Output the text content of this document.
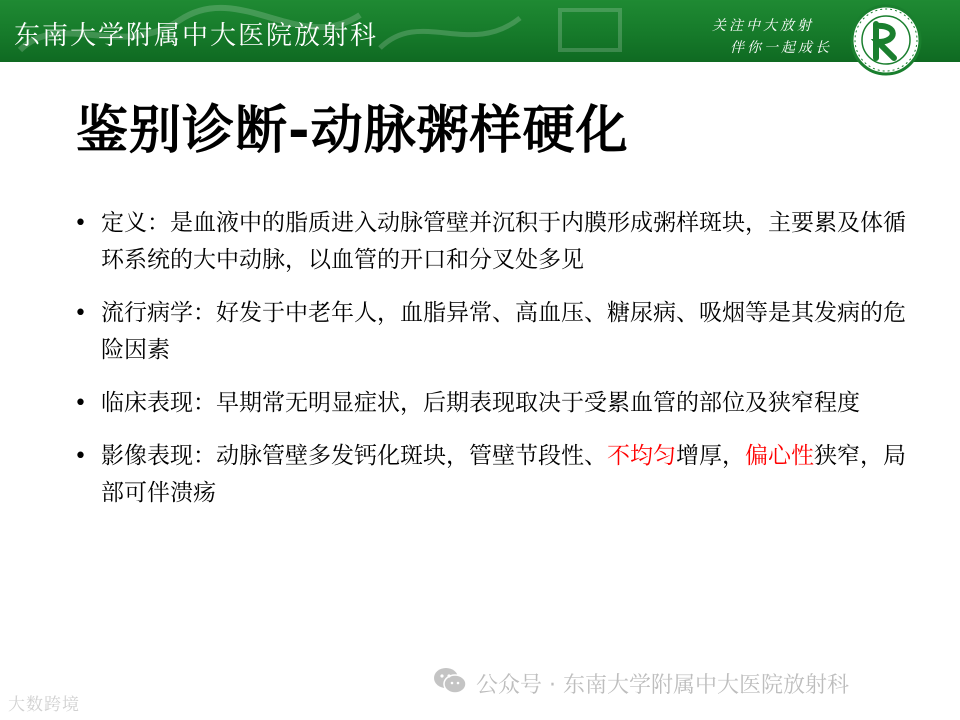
东南大学附属中大医院放射科	关注中大放射
伴你一起成长
鉴别诊断-动脉粥样硬化
• 定义：是血液中的脂质进入动脉管壁并沉积于内膜形成粥样斑块，主要累及体循环系统的大中动脉，以血管的开口和分叉处多见
• 流行病学：好发于中老年人，血脂异常、高血压、糖尿病、吸烟等是其发病的危险因素
• 临床表现：早期常无明显症状，后期表现取决于受累血管的部位及狭窄程度
• 影像表现：动脉管壁多发钙化斑块，管壁节段性、不均匀增厚，偏心性狭窄，局部可伴溃疡
公众号 · 东南大学附属中大医院放射科
大数跨境
